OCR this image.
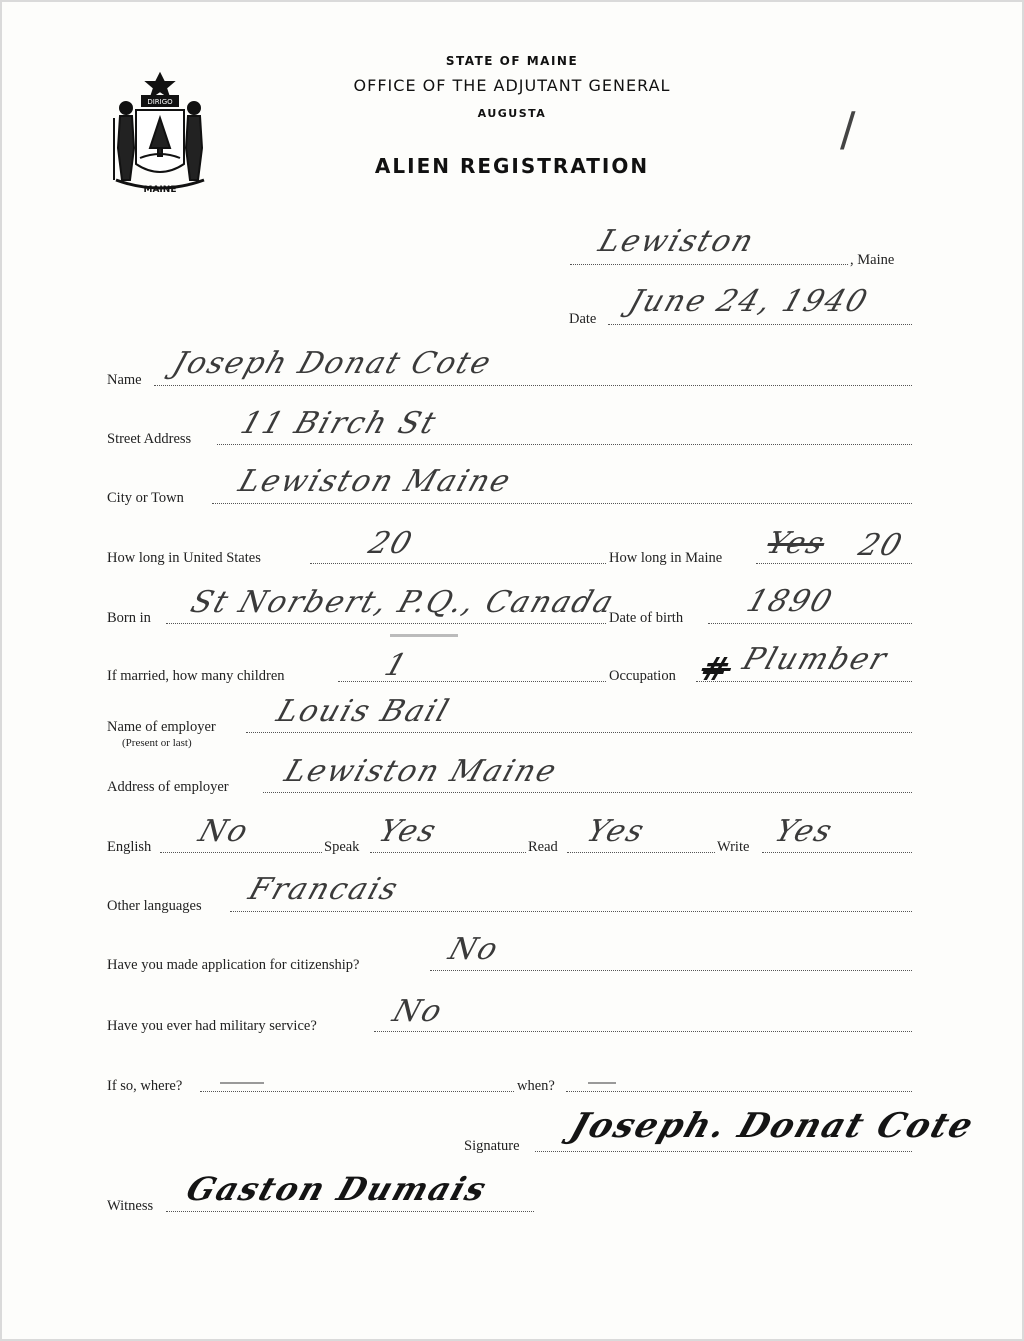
/
DIRIGO
MAINE
STATE OF MAINE
OFFICE OF THE ADJUTANT GENERAL
AUGUSTA
ALIEN REGISTRATION
Lewiston
, Maine
Date June 24, 1940
Name Joseph Donat Cote
Street Address 11 Birch St
City or Town Lewiston Maine
How long in United States	20	How long in Maine Yes 20
Born in St Norbert, P.Q., Canada
Date of birth 1890
If married, how many children	1	Occupation # Plumber
Name of employer
(Present or last)
Louis Bail
Address of employer Lewiston Maine
English No	Speak Yes	Read Yes	Write Yes
Other languages Francais
Have you made application for citizenship?	No
Have you ever had military service? No
If so, where?	when?
Signature Joseph. Donat Cote
Witness Gaston Dumais
